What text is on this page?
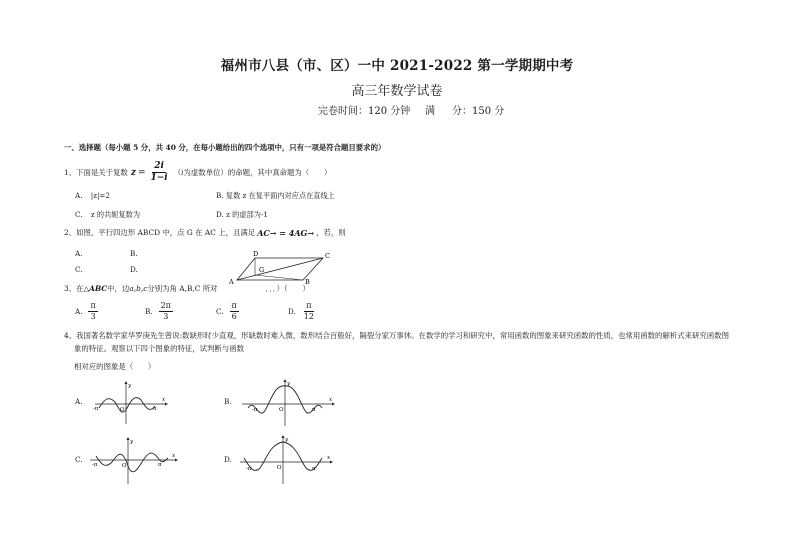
福州市八县（市、区）一中 2021-2022 第一学期期中考
高三年数学试卷
完卷时间：120 分钟 满 分：150 分
一、选择题（每小题 5 分，共 40 分，在每小题给出的四个选项中，只有一项是符合题目要求的）
1、下面是关于复数 $z = \frac{2i}{1-i}$ （ i 为虚数单位）的命题，其中真命题为（　　）
A. |z|=2	B. 复数 z 在复平面内对应点在直线上
C. z 的共轭复数为	D. z 的虚部为-1
2、如图，平行四边形 ABCD 中，点 G 在 AC 上，且满足 AC→ = 4AG→ ，若，则
A.	B.
C.	D.
A	B
C
D
G
3、在 △ABC 中，边 a,b,c 分别为角 A,B,C 所对	．．．）（　　）
A. $\frac{\pi}{3}$	B. $\frac{2\pi}{3}$	C. $\frac{\pi}{6}$	D. $\frac{\pi}{12}$
4、我国著名数学家华罗庚先生曾说:数缺形时少直观，形缺数时难入微，数形结合百般好，隔裂分家万事休。在数学的学习和研究中，常用函数的图象来研究函数的性质，也常用函数的解析式来研究函数图
象的特征。观察以下四个图象的特征，试判断与函数
相对应的图象是（　　）
A.	B.
C.	D.
-π	π
y
x
O	-π	π
y
x
O
-π	π
y
x
O	-π	π
y
x
O
